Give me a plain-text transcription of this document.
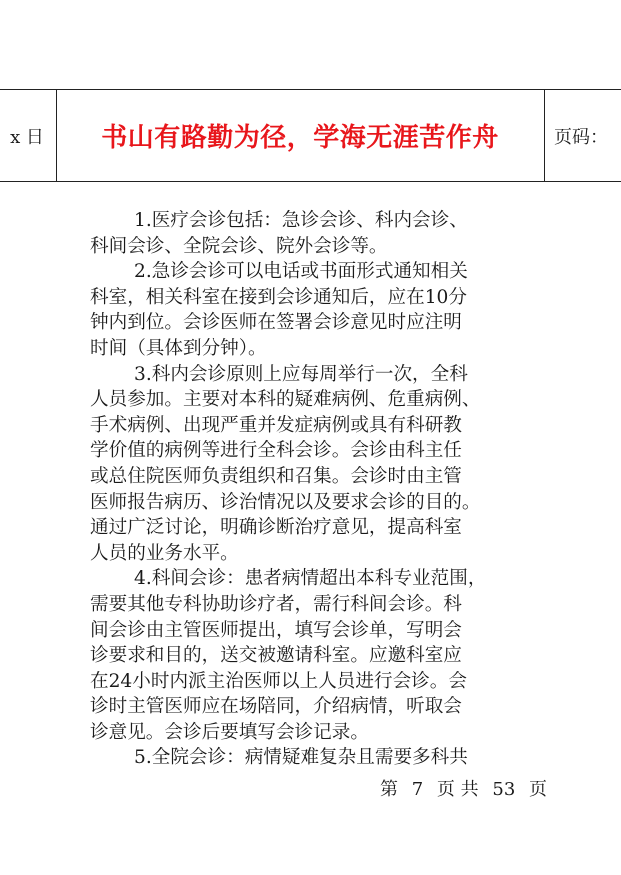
x 日	书山有路勤为径，学海无涯苦作舟	页码：
1.医疗会诊包括：急诊会诊、科内会诊、
科间会诊、全院会诊、院外会诊等。
2.急诊会诊可以电话或书面形式通知相关
科室，相关科室在接到会诊通知后，应在10分
钟内到位。会诊医师在签署会诊意见时应注明
时间（具体到分钟）。
3.科内会诊原则上应每周举行一次，全科
人员参加。主要对本科的疑难病例、危重病例、
手术病例、出现严重并发症病例或具有科研教
学价值的病例等进行全科会诊。会诊由科主任
或总住院医师负责组织和召集。会诊时由主管
医师报告病历、诊治情况以及要求会诊的目的。
通过广泛讨论，明确诊断治疗意见，提高科室
人员的业务水平。
4.科间会诊：患者病情超出本科专业范围，
需要其他专科协助诊疗者，需行科间会诊。科
间会诊由主管医师提出，填写会诊单，写明会
诊要求和目的，送交被邀请科室。应邀科室应
在24小时内派主治医师以上人员进行会诊。会
诊时主管医师应在场陪同，介绍病情，听取会
诊意见。会诊后要填写会诊记录。
5.全院会诊：病情疑难复杂且需要多科共
第 7 页 共 53 页
